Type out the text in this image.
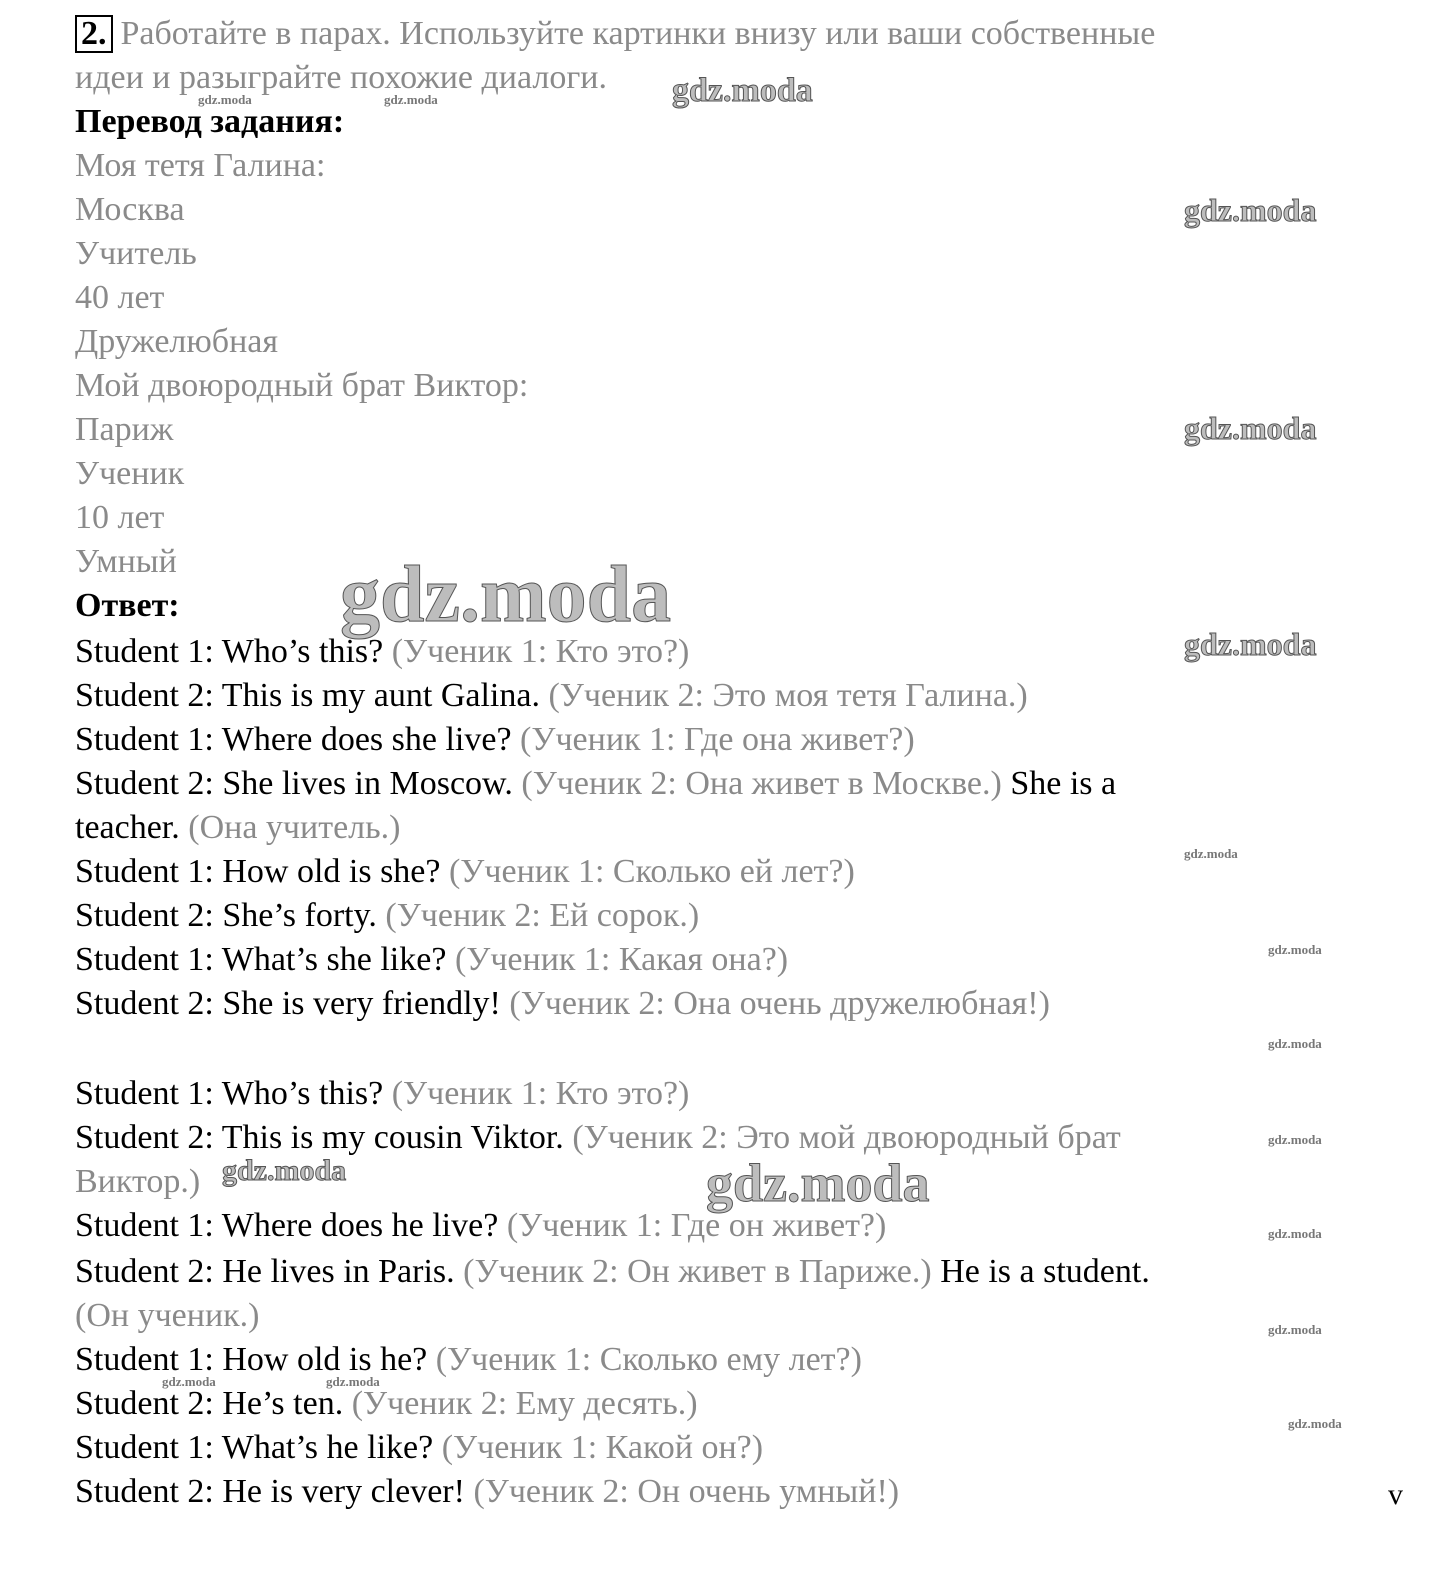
2. Работайте в парах. Используйте картинки внизу или ваши собственные
идеи и разыграйте похожие диалоги.
Перевод задания:
Моя тетя Галина:
Москва
Учитель
40 лет
Дружелюбная
Мой двоюродный брат Виктор:
Париж
Ученик
10 лет
Умный
Ответ:
Student 1: Who’s this? (Ученик 1: Кто это?)
Student 2: This is my aunt Galina. (Ученик 2: Это моя тетя Галина.)
Student 1: Where does she live? (Ученик 1: Где она живет?)
Student 2: She lives in Moscow. (Ученик 2: Она живет в Москве.) She is a
teacher. (Она учитель.)
Student 1: How old is she? (Ученик 1: Сколько ей лет?)
Student 2: She’s forty. (Ученик 2: Ей сорок.)
Student 1: What’s she like? (Ученик 1: Какая она?)
Student 2: She is very friendly! (Ученик 2: Она очень дружелюбная!)
Student 1: Who’s this? (Ученик 1: Кто это?)
Student 2: This is my cousin Viktor. (Ученик 2: Это мой двоюродный брат
Виктор.)
Student 1: Where does he live? (Ученик 1: Где он живет?)
Student 2: He lives in Paris. (Ученик 2: Он живет в Париже.) He is a student.
(Он ученик.)
Student 1: How old is he? (Ученик 1: Сколько ему лет?)
Student 2: He’s ten. (Ученик 2: Ему десять.)
Student 1: What’s he like? (Ученик 1: Какой он?)
Student 2: He is very clever! (Ученик 2: Он очень умный!)
gdz.moda
gdz.moda	gdz.moda
gdz.moda
gdz.moda
gdz.moda
gdz.moda
gdz.moda
gdz.moda
gdz.moda
gdz.moda
gdz.moda	gdz.moda
gdz.moda
gdz.moda
gdz.moda	gdz.moda
gdz.moda
v
